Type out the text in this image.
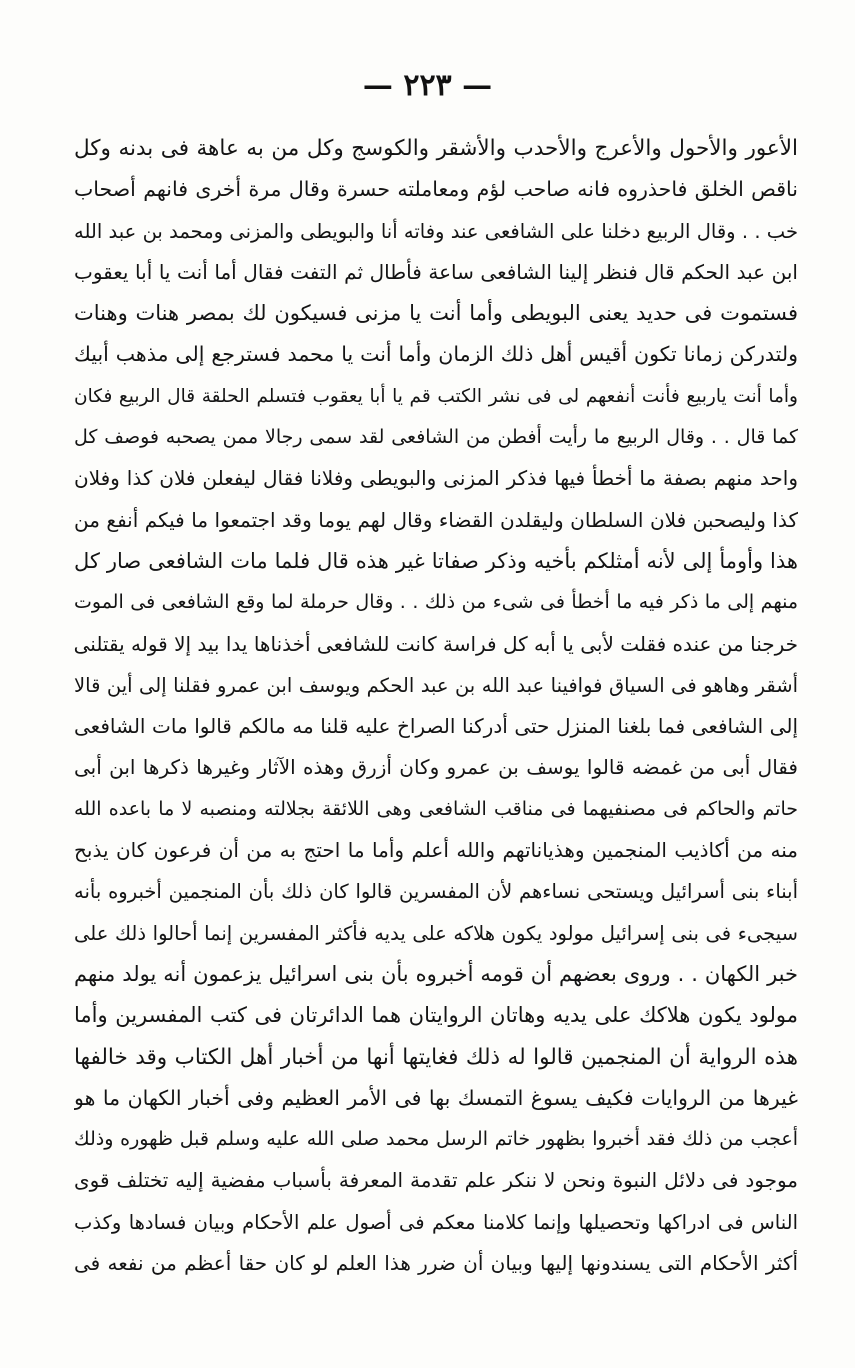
— ٢٢٣ —
الأعور والأحول والأعرج والأحدب والأشقر والكوسج وكل من به عاهة فى بدنه وكل
ناقص الخلق فاحذروه فانه صاحب لؤم ومعاملته حسرة وقال مرة أخرى فانهم أصحاب
خب . . وقال الربيع دخلنا على الشافعى عند وفاته أنا والبويطى والمزنى ومحمد بن عبد الله
ابن عبد الحكم قال فنظر إلينا الشافعى ساعة فأطال ثم التفت فقال أما أنت يا أبا يعقوب
فستموت فى حديد يعنى البويطى وأما أنت يا مزنى فسيكون لك بمصر هنات وهنات
ولتدركن زمانا تكون أقيس أهل ذلك الزمان وأما أنت يا محمد فسترجع إلى مذهب أبيك
وأما أنت ياربيع فأنت أنفعهم لى فى نشر الكتب قم يا أبا يعقوب فتسلم الحلقة قال الربيع فكان
كما قال . . وقال الربيع ما رأيت أفطن من الشافعى لقد سمى رجالا ممن يصحبه فوصف كل
واحد منهم بصفة ما أخطأ فيها فذكر المزنى والبويطى وفلانا فقال ليفعلن فلان كذا وفلان
كذا وليصحبن فلان السلطان وليقلدن القضاء وقال لهم يوما وقد اجتمعوا ما فيكم أنفع من
هذا وأومأ إلى لأنه أمثلكم بأخيه وذكر صفاتا غير هذه قال فلما مات الشافعى صار كل
منهم إلى ما ذكر فيه ما أخطأ فى شىء من ذلك . . وقال حرملة لما وقع الشافعى فى الموت
خرجنا من عنده فقلت لأبى يا أبه كل فراسة كانت للشافعى أخذناها يدا بيد إلا قوله يقتلنى
أشقر وهاهو فى السياق فوافينا عبد الله بن عبد الحكم ويوسف ابن عمرو فقلنا إلى أين قالا
إلى الشافعى فما بلغنا المنزل حتى أدركنا الصراخ عليه قلنا مه مالكم قالوا مات الشافعى
فقال أبى من غمضه قالوا يوسف بن عمرو وكان أزرق وهذه الآثار وغيرها ذكرها ابن أبى
حاتم والحاكم فى مصنفيهما فى مناقب الشافعى وهى اللائقة بجلالته ومنصبه لا ما باعده الله
منه من أكاذيب المنجمين وهذياناتهم والله أعلم وأما ما احتج به من أن فرعون كان يذبح
أبناء بنى أسرائيل ويستحى نساءهم لأن المفسرين قالوا كان ذلك بأن المنجمين أخبروه بأنه
سيجىء فى بنى إسرائيل مولود يكون هلاكه على يديه فأكثر المفسرين إنما أحالوا ذلك على
خبر الكهان . . وروى بعضهم أن قومه أخبروه بأن بنى اسرائيل يزعمون أنه يولد منهم
مولود يكون هلاكك على يديه وهاتان الروايتان هما الدائرتان فى كتب المفسرين وأما
هذه الرواية أن المنجمين قالوا له ذلك فغايتها أنها من أخبار أهل الكتاب وقد خالفها
غيرها من الروايات فكيف يسوغ التمسك بها فى الأمر العظيم وفى أخبار الكهان ما هو
أعجب من ذلك فقد أخبروا بظهور خاتم الرسل محمد صلى الله عليه وسلم قبل ظهوره وذلك
موجود فى دلائل النبوة ونحن لا ننكر علم تقدمة المعرفة بأسباب مفضية إليه تختلف قوى
الناس فى ادراكها وتحصيلها وإنما كلامنا معكم فى أصول علم الأحكام وبيان فسادها وكذب
أكثر الأحكام التى يسندونها إليها وبيان أن ضرر هذا العلم لو كان حقا أعظم من نفعه فى
